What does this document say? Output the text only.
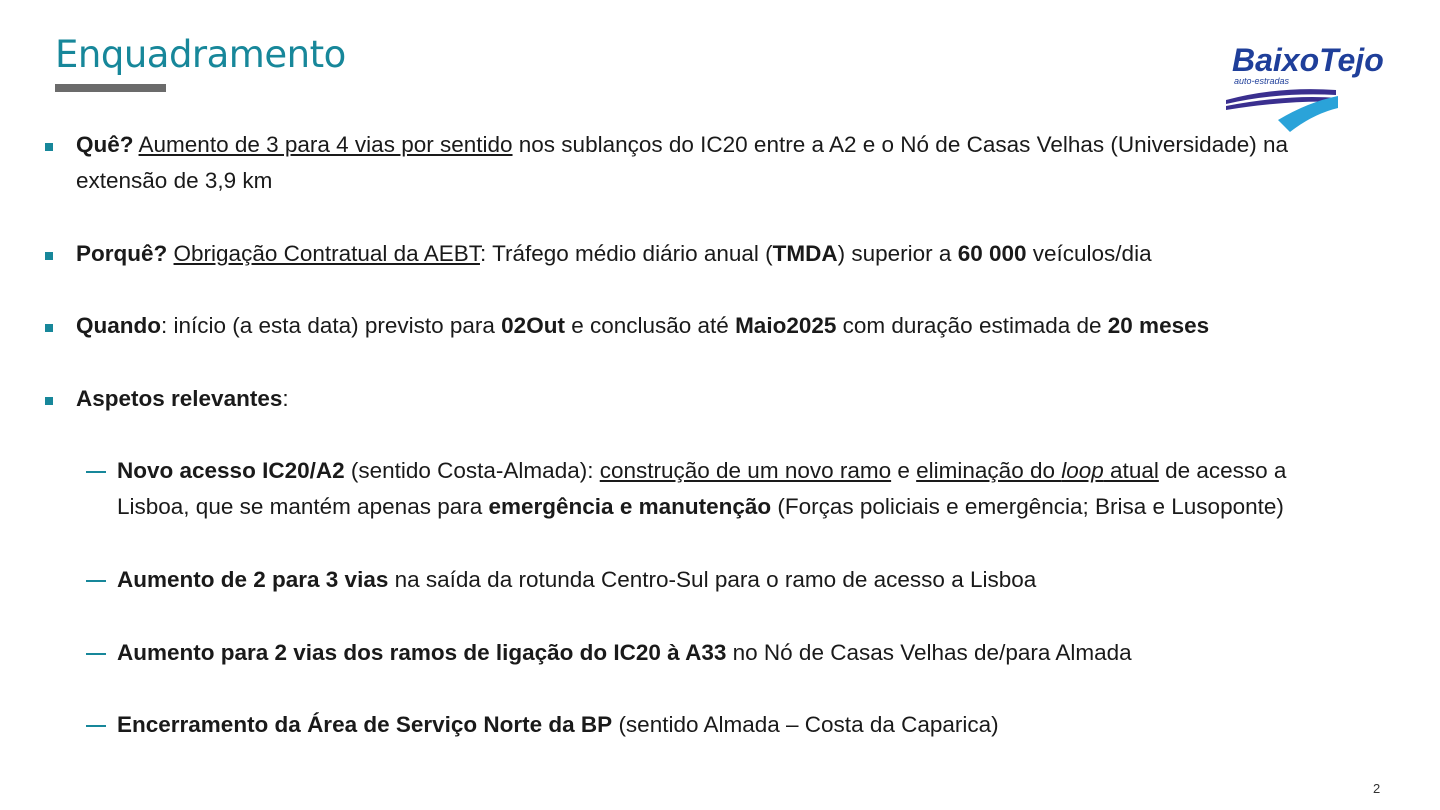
Enquadramento	BaixoTejo
auto-estradas
Quê? Aumento de 3 para 4 vias por sentido nos sublanços do IC20 entre a A2 e o Nó de Casas Velhas (Universidade) na
extensão de 3,9 km
Porquê? Obrigação Contratual da AEBT: Tráfego médio diário anual (TMDA) superior a 60 000 veículos/dia
Quando: início (a esta data) previsto para 02Out e conclusão até Maio2025 com duração estimada de 20 meses
Aspetos relevantes:
Novo acesso IC20/A2 (sentido Costa-Almada): construção de um novo ramo e eliminação do loop atual de acesso a
Lisboa, que se mantém apenas para emergência e manutenção (Forças policiais e emergência; Brisa e Lusoponte)
Aumento de 2 para 3 vias na saída da rotunda Centro-Sul para o ramo de acesso a Lisboa
Aumento para 2 vias dos ramos de ligação do IC20 à A33 no Nó de Casas Velhas de/para Almada
Encerramento da Área de Serviço Norte da BP (sentido Almada – Costa da Caparica)
2
